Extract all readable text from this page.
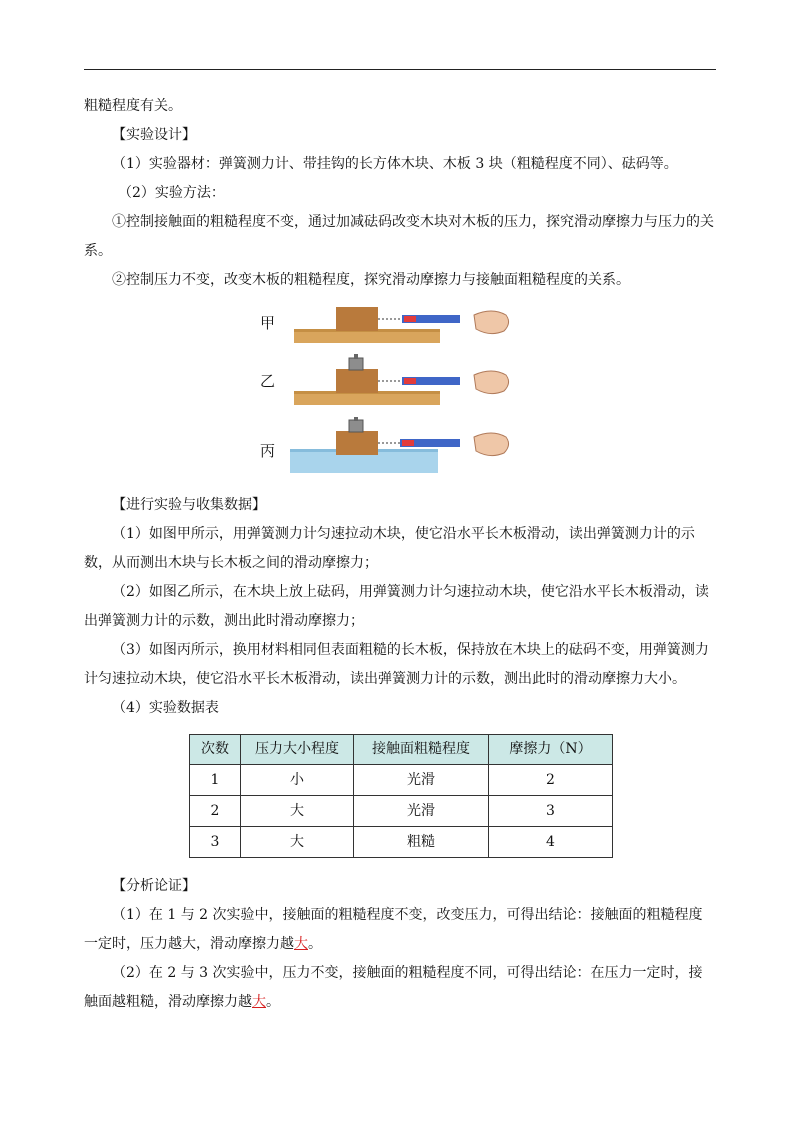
粗糙程度有关。

【实验设计】

（1）实验器材：弹簧测力计、带挂钩的长方体木块、木板 3 块（粗糙程度不同）、砝码等。

（2）实验方法：

①控制接触面的粗糙程度不变，通过加减砝码改变木块对木板的压力，探究滑动摩擦力与压力的关系。

②控制压力不变，改变木板的粗糙程度，探究滑动摩擦力与接触面粗糙程度的关系。

甲
乙
丙

【进行实验与收集数据】

（1）如图甲所示，用弹簧测力计匀速拉动木块，使它沿水平长木板滑动，读出弹簧测力计的示数，从而测出木块与长木板之间的滑动摩擦力；

（2）如图乙所示，在木块上放上砝码，用弹簧测力计匀速拉动木块，使它沿水平长木板滑动，读出弹簧测力计的示数，测出此时滑动摩擦力；

（3）如图丙所示，换用材料相同但表面粗糙的长木板，保持放在木块上的砝码不变，用弹簧测力计匀速拉动木块，使它沿水平长木板滑动，读出弹簧测力计的示数，测出此时的滑动摩擦力大小。

（4）实验数据表

次数	压力大小程度	接触面粗糙程度	摩擦力（N）
1	小	光滑	2
2	大	光滑	3
3	大	粗糙	4

【分析论证】

（1）在 1 与 2 次实验中，接触面的粗糙程度不变，改变压力，可得出结论：接触面的粗糙程度一定时，压力越大，滑动摩擦力越大。

（2）在 2 与 3 次实验中，压力不变，接触面的粗糙程度不同，可得出结论：在压力一定时，接触面越粗糙，滑动摩擦力越大。
